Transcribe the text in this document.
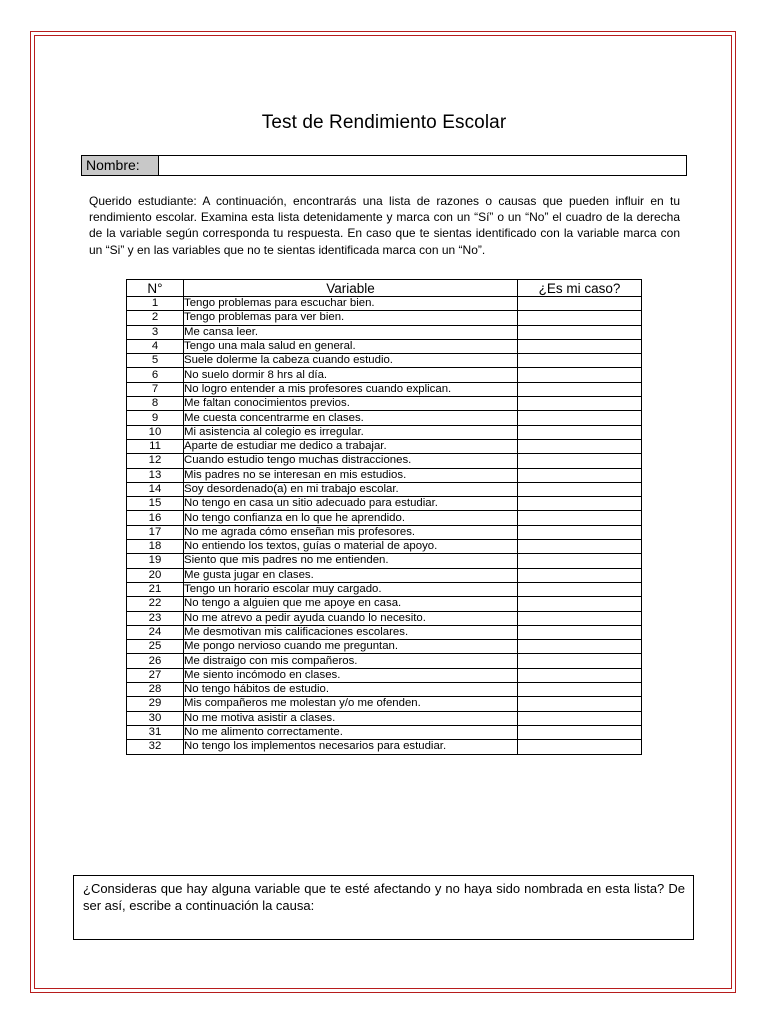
Test de Rendimiento Escolar
Nombre:
Querido estudiante: A continuación, encontrarás una lista de razones o causas que pueden influir en tu rendimiento escolar. Examina esta lista detenidamente y marca con un “Sí” o un “No” el cuadro de la derecha de la variable según corresponda tu respuesta. En caso que te sientas identificado con la variable marca con un “Si” y en las variables que no te sientas identificada marca con un “No”.
N°	Variable	¿Es mi caso?
1	Tengo problemas para escuchar bien.	
2	Tengo problemas para ver bien.	
3	Me cansa leer.	
4	Tengo una mala salud en general.	
5	Suele dolerme la cabeza cuando estudio.	
6	No suelo dormir 8 hrs al día.	
7	No logro entender a mis profesores cuando explican.	
8	Me faltan conocimientos previos.	
9	Me cuesta concentrarme en clases.	
10	Mi asistencia al colegio es irregular.	
11	Aparte de estudiar me dedico a trabajar.	
12	Cuando estudio tengo muchas distracciones.	
13	Mis padres no se interesan en mis estudios.	
14	Soy desordenado(a) en mi trabajo escolar.	
15	No tengo en casa un sitio adecuado para estudiar.	
16	No tengo confianza en lo que he aprendido.	
17	No me agrada cómo enseñan mis profesores.	
18	No entiendo los textos, guías o material de apoyo.	
19	Siento que mis padres no me entienden.	
20	Me gusta jugar en clases.	
21	Tengo un horario escolar muy cargado.	
22	No tengo a alguien que me apoye en casa.	
23	No me atrevo a pedir ayuda cuando lo necesito.	
24	Me desmotivan mis calificaciones escolares.	
25	Me pongo nervioso cuando me preguntan.	
26	Me distraigo con mis compañeros.	
27	Me siento incómodo en clases.	
28	No tengo hábitos de estudio.	
29	Mis compañeros me molestan y/o me ofenden.	
30	No me motiva asistir a clases.	
31	No me alimento correctamente.	
32	No tengo los implementos necesarios para estudiar.	
¿Consideras que hay alguna variable que te esté afectando y no haya sido nombrada en esta lista? De ser así, escribe a continuación la causa:
